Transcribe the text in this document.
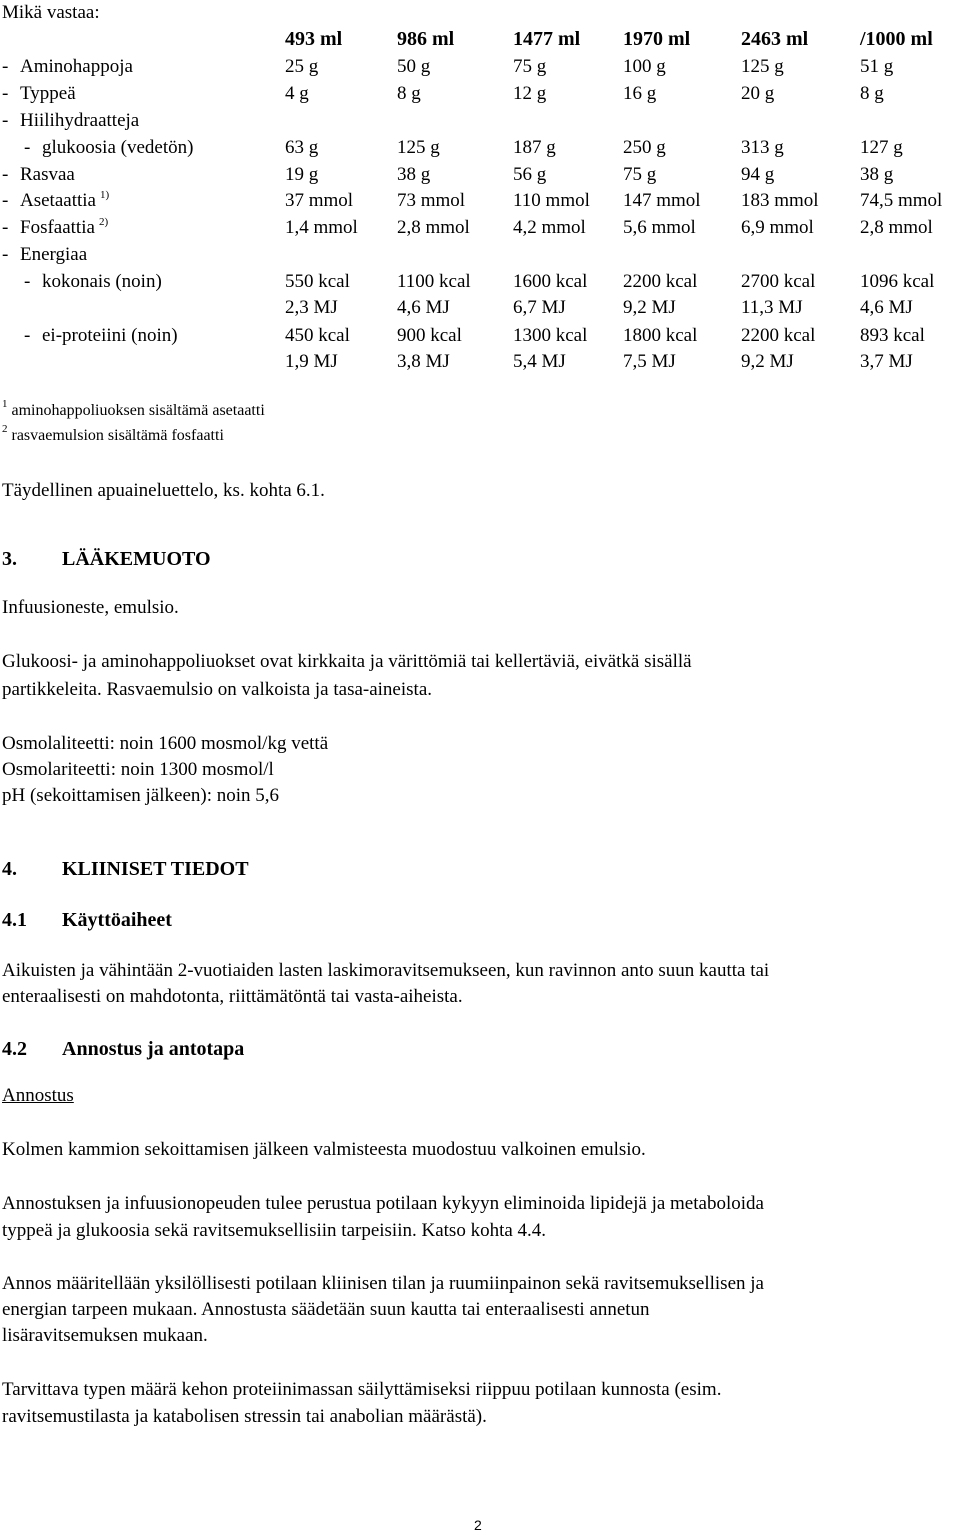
Mikä vastaa:
493 ml	986 ml	1477 ml 1970 ml	2463 ml	/1000 ml
- Aminohappoja	25 g	50 g	75 g	100 g	125 g	51 g
- Typpeä	4 g	8 g	12 g	16 g	20 g	8 g
- Hiilihydraatteja
- glukoosia (vedetön)	63 g	125 g	187 g	250 g	313 g	127 g
- Rasvaa	19 g	38 g	56 g	75 g	94 g	38 g
- Asetaattia $^{1)}$	37 mmol 73 mmol	110 mmol 147 mmol 183 mmol 74,5 mmol
- Fosfaattia $^{2)}$	1,4 mmol 2,8 mmol 4,2 mmol 5,6 mmol 6,9 mmol 2,8 mmol
- Energiaa
- kokonais (noin)	550 kcal 1100 kcal 1600 kcal 2200 kcal 2700 kcal 1096 kcal
2,3 MJ	4,6 MJ	6,7 MJ	9,2 MJ	11,3 MJ	4,6 MJ
- ei-proteiini (noin)	450 kcal 900 kcal	1300 kcal 1800 kcal 2200 kcal 893 kcal
1,9 MJ	3,8 MJ	5,4 MJ	7,5 MJ	9,2 MJ	3,7 MJ
$^1$ aminohappoliuoksen sisältämä asetaatti
$^2$ rasvaemulsion sisältämä fosfaatti
Täydellinen apuaineluettelo, ks. kohta 6.1.
3. LÄÄKEMUOTO
Infuusioneste, emulsio.
Glukoosi- ja aminohappoliuokset ovat kirkkaita ja värittömiä tai kellertäviä, eivätkä sisällä
partikkeleita. Rasvaemulsio on valkoista ja tasa-aineista.
Osmolaliteetti: noin 1600 mosmol/kg vettä
Osmolariteetti: noin 1300 mosmol/l
pH (sekoittamisen jälkeen): noin 5,6
4. KLIINISET TIEDOT
4.1 Käyttöaiheet
Aikuisten ja vähintään 2-vuotiaiden lasten laskimoravitsemukseen, kun ravinnon anto suun kautta tai
enteraalisesti on mahdotonta, riittämätöntä tai vasta-aiheista.
4.2 Annostus ja antotapa
Annostus
Kolmen kammion sekoittamisen jälkeen valmisteesta muodostuu valkoinen emulsio.
Annostuksen ja infuusionopeuden tulee perustua potilaan kykyyn eliminoida lipidejä ja metaboloida
typpeä ja glukoosia sekä ravitsemuksellisiin tarpeisiin. Katso kohta 4.4.
Annos määritellään yksilöllisesti potilaan kliinisen tilan ja ruumiinpainon sekä ravitsemuksellisen ja
energian tarpeen mukaan. Annostusta säädetään suun kautta tai enteraalisesti annetun
lisäravitsemuksen mukaan.
Tarvittava typen määrä kehon proteiinimassan säilyttämiseksi riippuu potilaan kunnosta (esim.
ravitsemustilasta ja katabolisen stressin tai anabolian määrästä).
2
